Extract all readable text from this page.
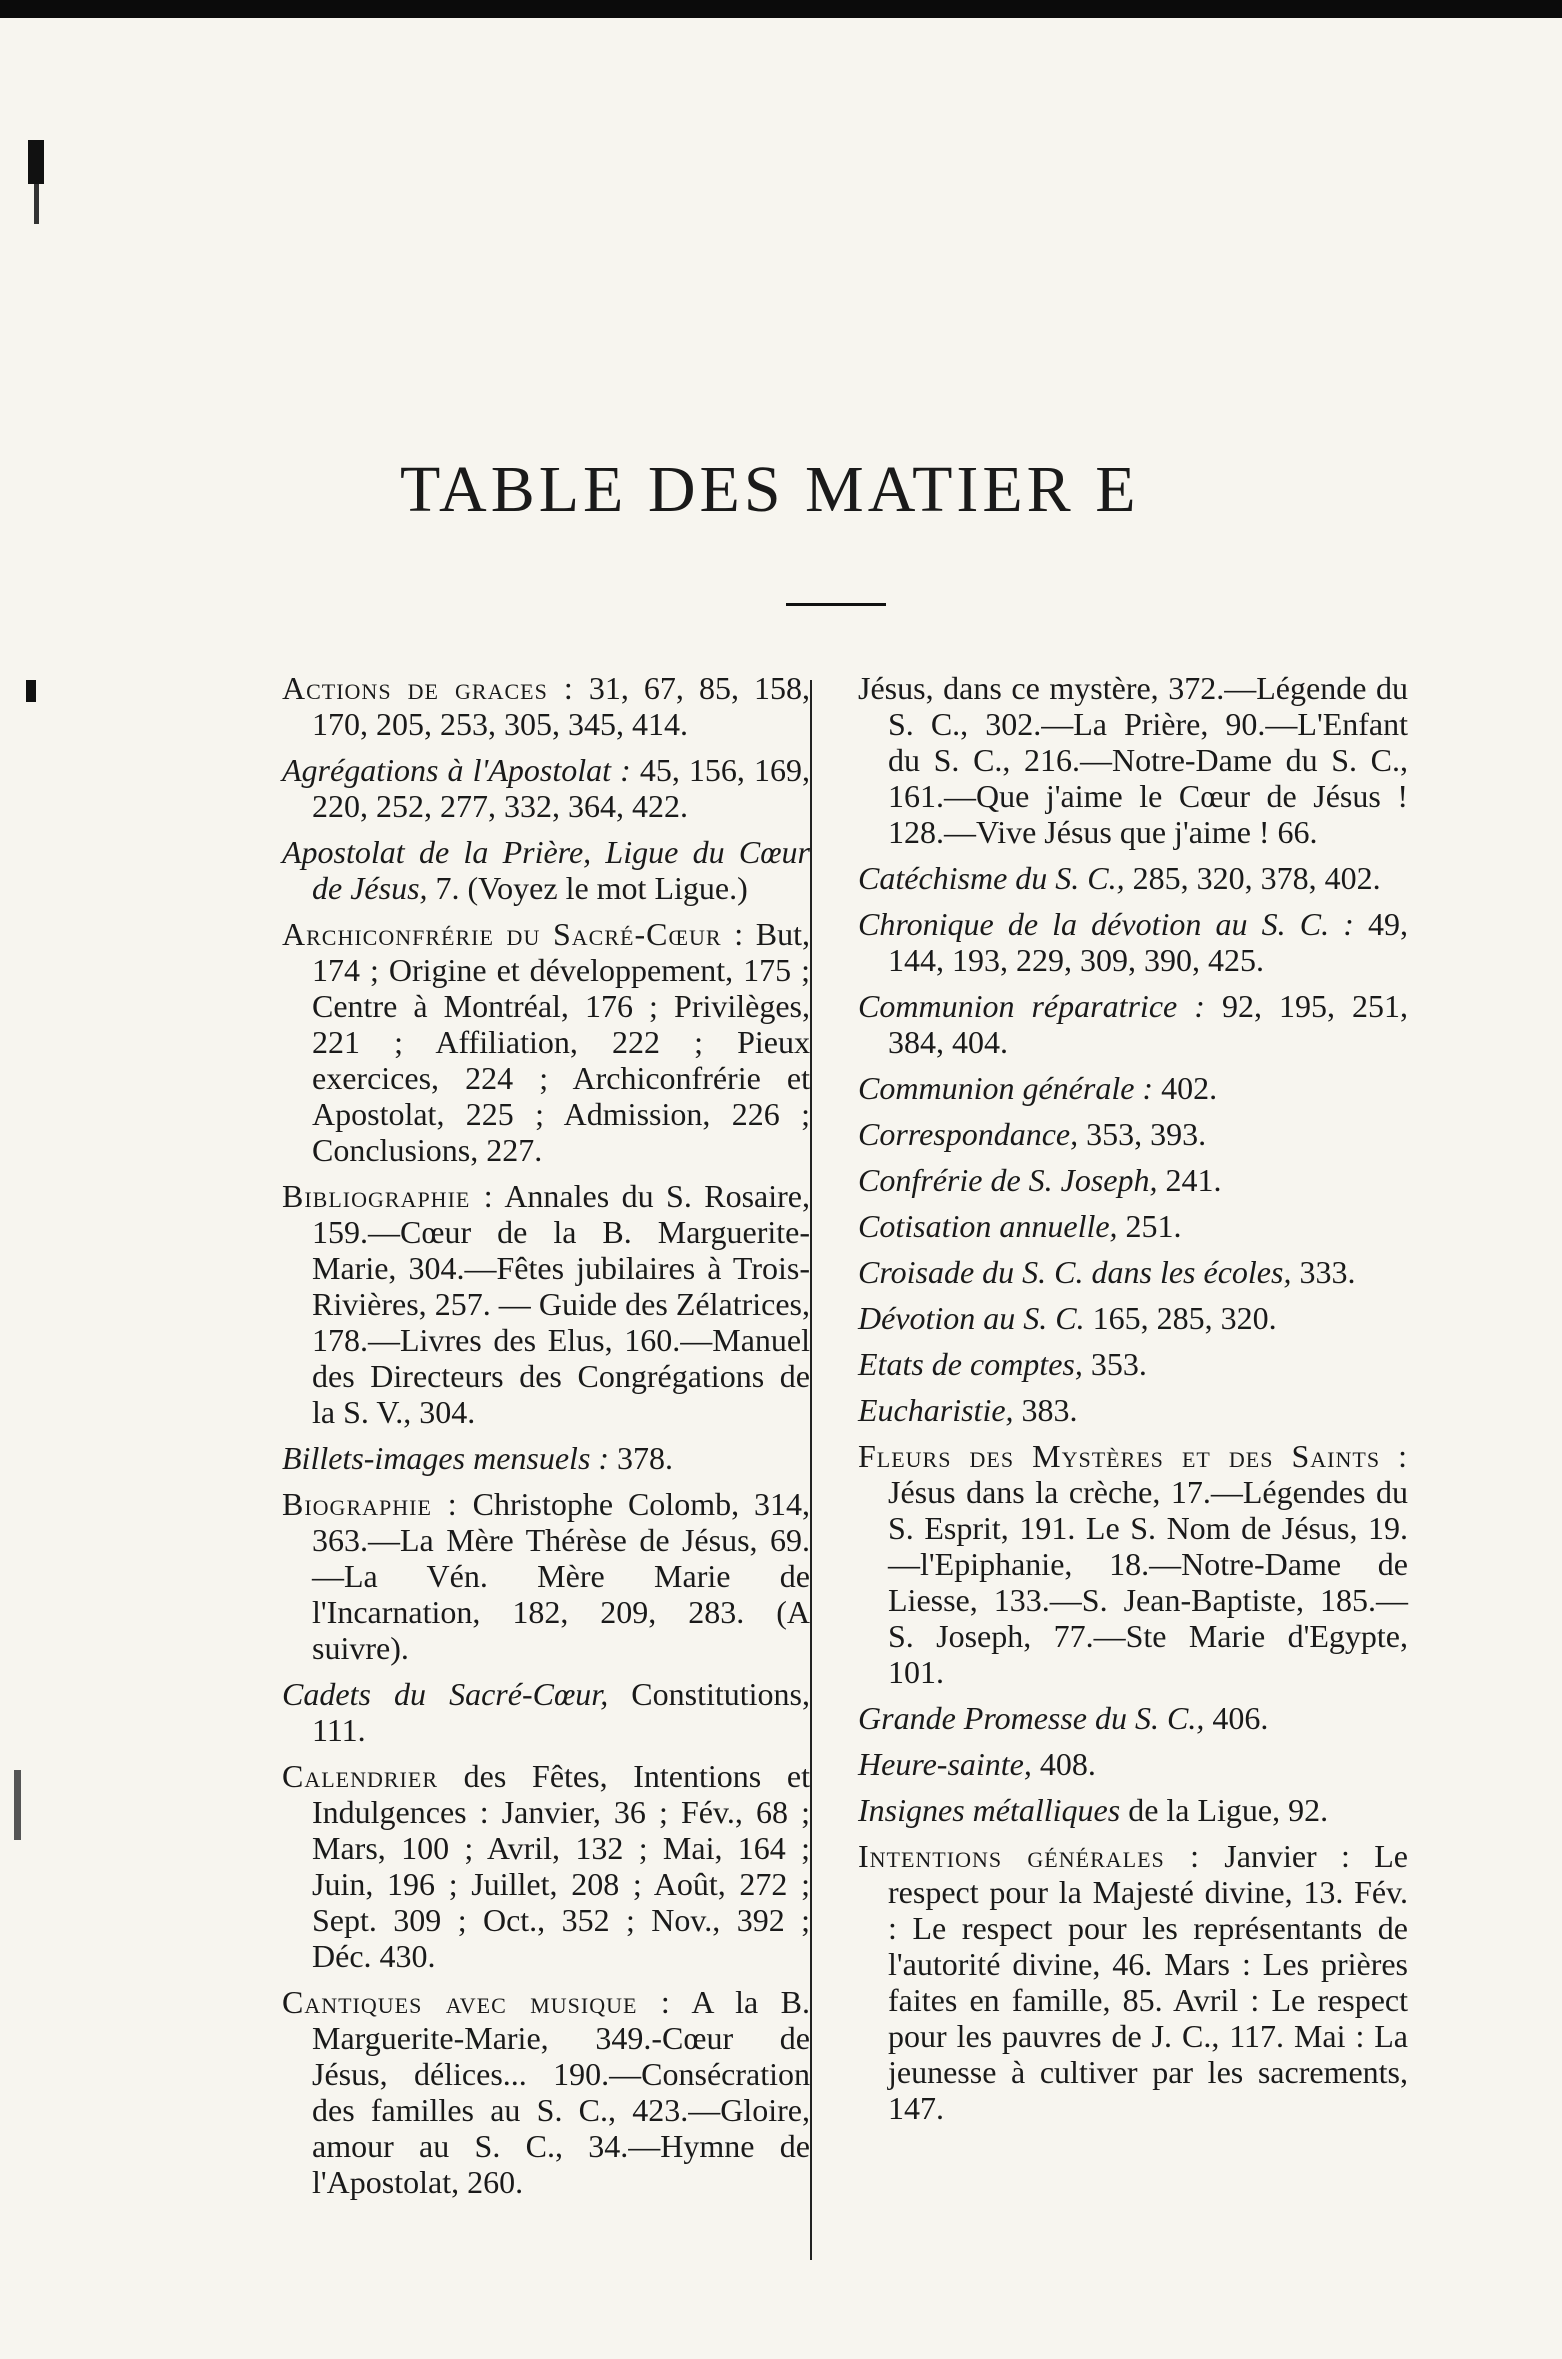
TABLE DES MATIER E
Actions de graces : 31, 67, 85, 158, 170, 205, 253, 305, 345, 414.
Agrégations à l'Apostolat : 45, 156, 169, 220, 252, 277, 332, 364, 422.
Apostolat de la Prière, Ligue du Cœur de Jésus, 7. (Voyez le mot Ligue.)
Archiconfrérie du Sacré-Cœur : But, 174 ; Origine et développement, 175 ; Centre à Montréal, 176 ; Privilèges, 221 ; Affiliation, 222 ; Pieux exercices, 224 ; Archiconfrérie et Apostolat, 225 ; Admission, 226 ; Conclusions, 227.
Bibliographie : Annales du S. Rosaire, 159.—Cœur de la B. Marguerite-Marie, 304.—Fêtes jubilaires à Trois-Rivières, 257. — Guide des Zélatrices, 178.—Livres des Elus, 160.—Manuel des Directeurs des Congrégations de la S. V., 304.
Billets-images mensuels : 378.
Biographie : Christophe Colomb, 314, 363.—La Mère Thérèse de Jésus, 69.—La Vén. Mère Marie de l'Incarnation, 182, 209, 283. (A suivre).
Cadets du Sacré-Cœur, Constitutions, 111.
Calendrier des Fêtes, Intentions et Indulgences : Janvier, 36 ; Fév., 68 ; Mars, 100 ; Avril, 132 ; Mai, 164 ; Juin, 196 ; Juillet, 208 ; Août, 272 ; Sept. 309 ; Oct., 352 ; Nov., 392 ; Déc. 430.
Cantiques avec musique : A la B. Marguerite-Marie, 349.-Cœur de Jésus, délices... 190.—Consécration des familles au S. C., 423.—Gloire, amour au S. C., 34.—Hymne de l'Apostolat, 260.
Jésus, dans ce mystère, 372.—Légende du S. C., 302.—La Prière, 90.—L'Enfant du S. C., 216.—Notre-Dame du S. C., 161.—Que j'aime le Cœur de Jésus ! 128.—Vive Jésus que j'aime ! 66.
Catéchisme du S. C., 285, 320, 378, 402.
Chronique de la dévotion au S. C. : 49, 144, 193, 229, 309, 390, 425.
Communion réparatrice : 92, 195, 251, 384, 404.
Communion générale : 402.
Correspondance, 353, 393.
Confrérie de S. Joseph, 241.
Cotisation annuelle, 251.
Croisade du S. C. dans les écoles, 333.
Dévotion au S. C. 165, 285, 320.
Etats de comptes, 353.
Eucharistie, 383.
Fleurs des Mystères et des Saints : Jésus dans la crèche, 17.—Légendes du S. Esprit, 191. Le S. Nom de Jésus, 19.—l'Epiphanie, 18.—Notre-Dame de Liesse, 133.—S. Jean-Baptiste, 185.—S. Joseph, 77.—Ste Marie d'Egypte, 101.
Grande Promesse du S. C., 406.
Heure-sainte, 408.
Insignes métalliques de la Ligue, 92.
Intentions générales : Janvier : Le respect pour la Majesté divine, 13. Fév. : Le respect pour les représentants de l'autorité divine, 46. Mars : Les prières faites en famille, 85. Avril : Le respect pour les pauvres de J. C., 117. Mai : La jeunesse à cultiver par les sacrements, 147.
